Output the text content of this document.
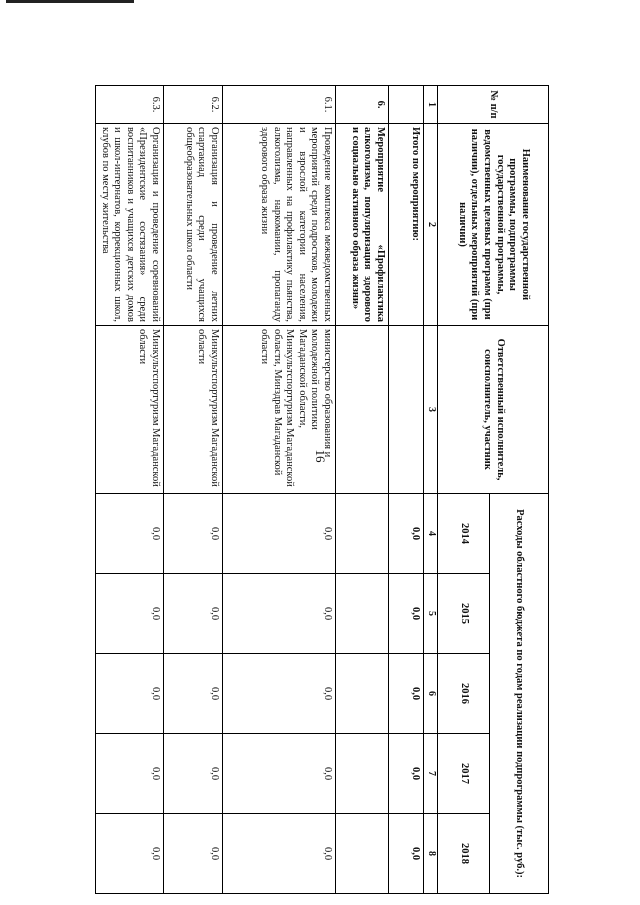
16
№ п/п	Наименование государственной программы, подпрограммы государственной программы, ведомственных целевых программ (при наличии), отдельных мероприятий (при наличии)	Ответственный исполнитель, соисполнитель, участник	Расходы областного бюджета по годам реализации подпрограммы (тыс. руб.):				
			2014	2015	2016	2017	2018
1	2	3	4	5	6	7	8
	Итого по мероприятию:		0,0	0,0	0,0	0,0	0,0
6.	Мероприятие «Профилактика алкоголизма, популяризация здорового и социально активного образа жизни»						
6.1.	Проведение комплекса межведомственных мероприятий среди подростков, молодежи и взрослой категории населения, направленных на профилактику пьянства, алкоголизма, наркомании, пропаганду здорового образа жизни	министерство образования и молодежной политики Магаданской области, Минкультспортуризм Магаданской области, Минздрав Магаданской области	0,0	0,0	0,0	0,0	0,0
6.2.	Организация и проведение летних спартакиад среди учащихся общеобразовательных школ области	Минкультспортуризм Магаданской области	0,0	0,0	0,0	0,0	0,0
6.3.	Организация и проведение соревнований «Президентские состязания» среди воспитанников и учащихся детских домов и школ-интернатов, коррекционных школ, клубов по месту жительства	Минкультспортуризм Магаданской области	0,0	0,0	0,0	0,0	0,0
